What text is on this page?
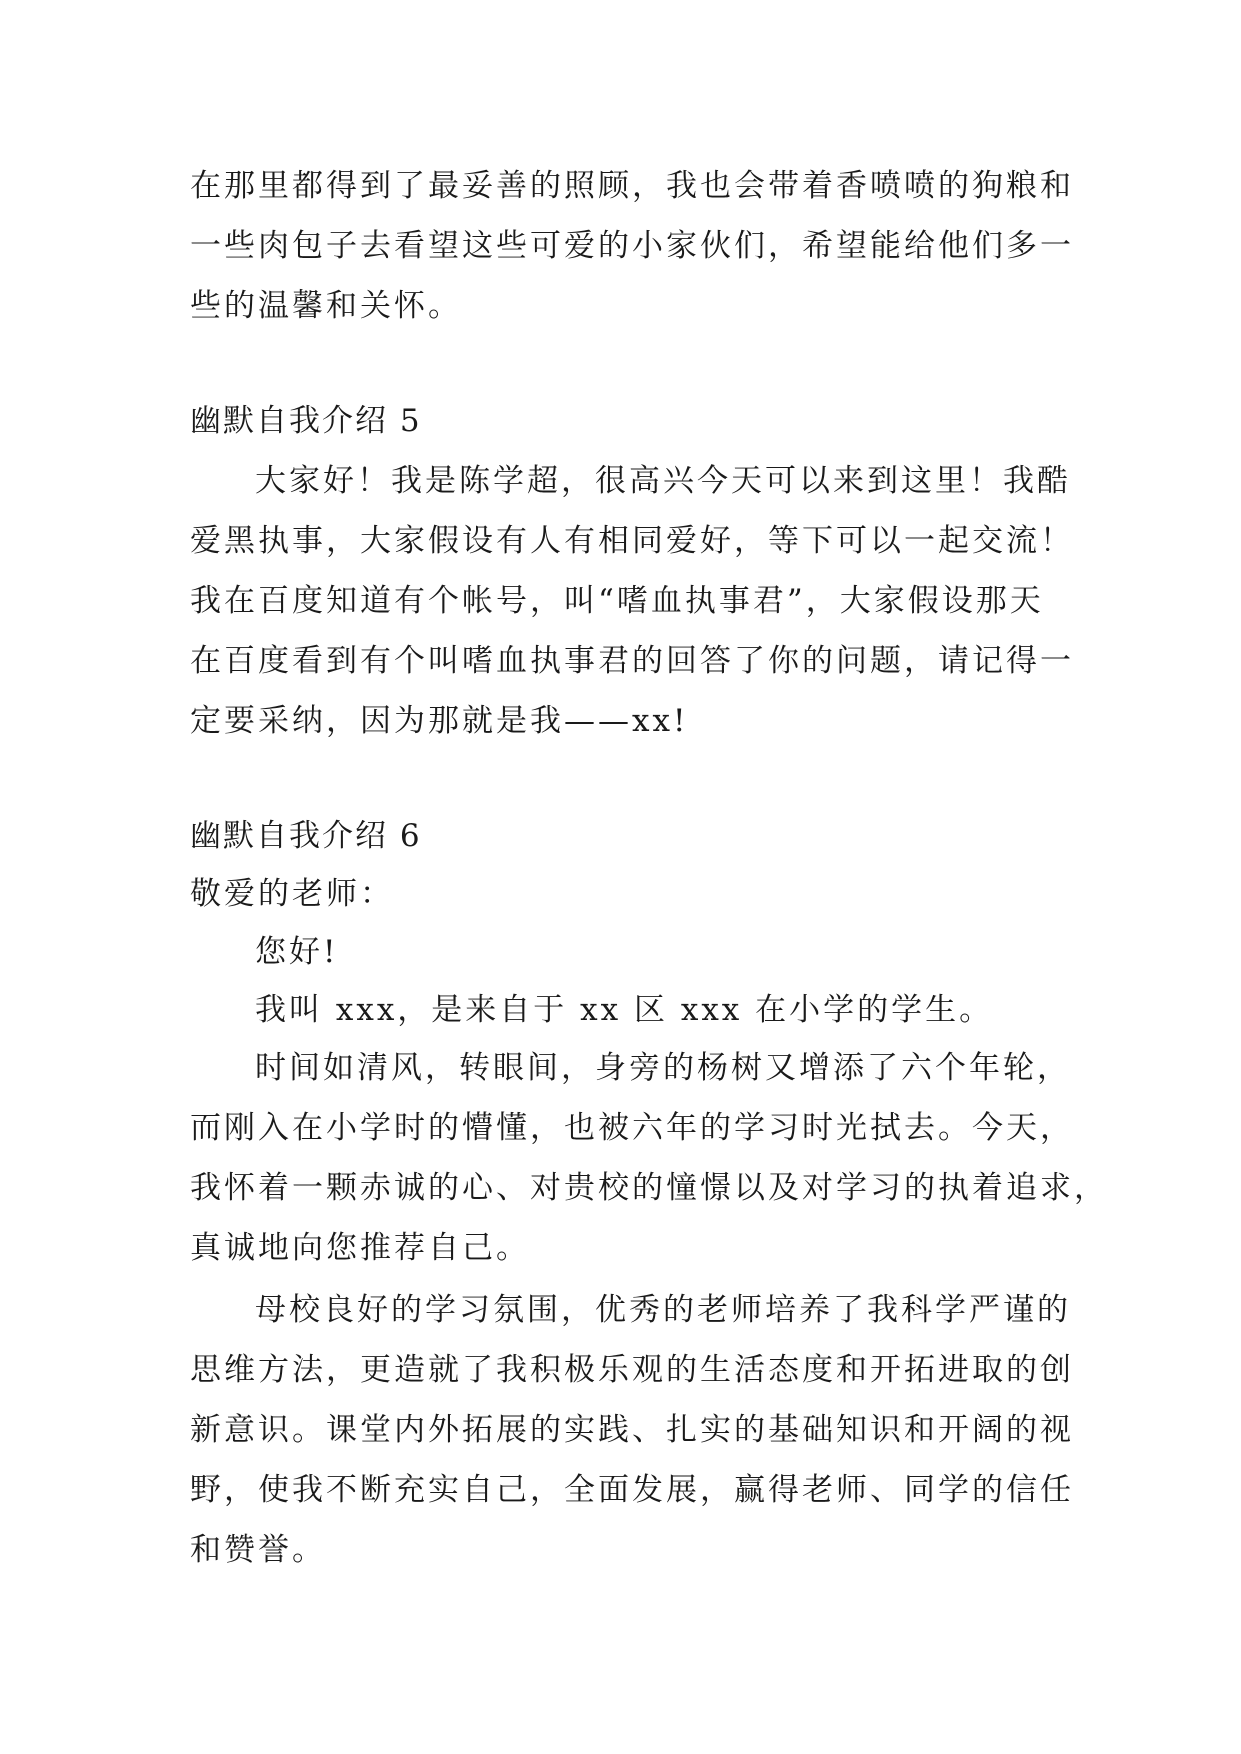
在那里都得到了最妥善的照顾，我也会带着香喷喷的狗粮和
一些肉包子去看望这些可爱的小家伙们，希望能给他们多一
些的温馨和关怀。
幽默自我介绍 5
大家好！我是陈学超，很高兴今天可以来到这里！我酷
爱黑执事，大家假设有人有相同爱好，等下可以一起交流！
我在百度知道有个帐号，叫“嗜血执事君”，大家假设那天
在百度看到有个叫嗜血执事君的回答了你的问题，请记得一
定要采纳，因为那就是我——xx!
幽默自我介绍 6
敬爱的老师：
您好!
我叫 xxx，是来自于 xx 区 xxx 在小学的学生。
时间如清风，转眼间，身旁的杨树又增添了六个年轮，
而刚入在小学时的懵懂，也被六年的学习时光拭去。今天，
我怀着一颗赤诚的心、对贵校的憧憬以及对学习的执着追求，
真诚地向您推荐自己。
母校良好的学习氛围，优秀的老师培养了我科学严谨的
思维方法，更造就了我积极乐观的生活态度和开拓进取的创
新意识。课堂内外拓展的实践、扎实的基础知识和开阔的视
野，使我不断充实自己，全面发展，赢得老师、同学的信任
和赞誉。
